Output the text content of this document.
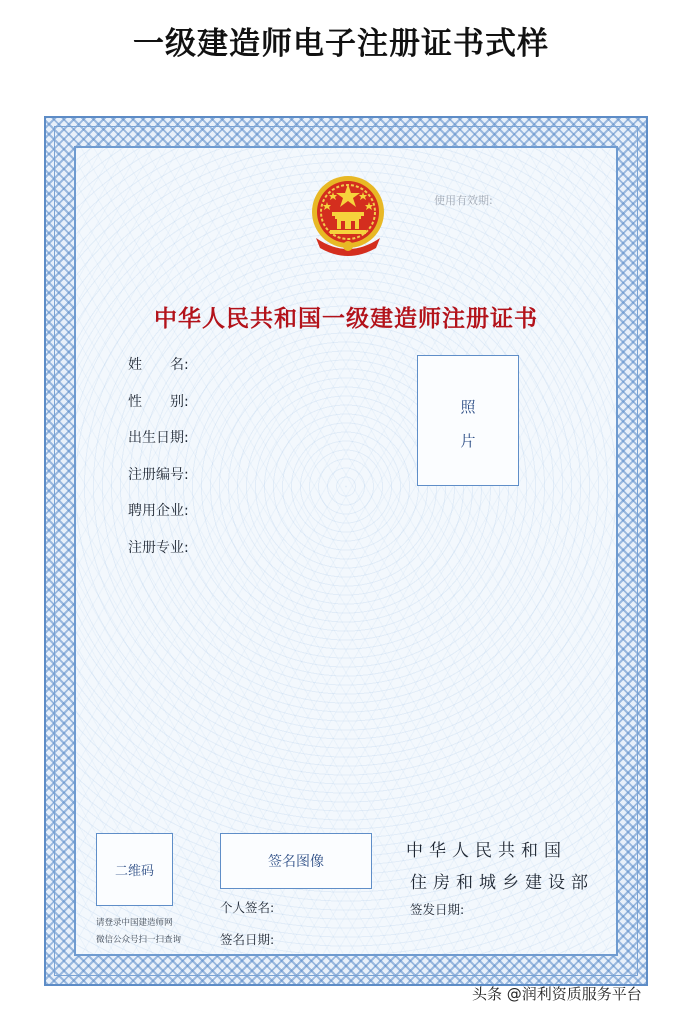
一级建造师电子注册证书式样
使用有效期:
中华人民共和国一级建造师注册证书
姓　　名:
性　　别:
出生日期:
注册编号:
聘用企业:
注册专业:
照
片
二维码
请登录中国建造师网
微信公众号扫一扫查询
签名图像
个人签名:
签名日期:
中华人民共和国
住房和城乡建设部
签发日期:
头条 @润利资质服务平台
